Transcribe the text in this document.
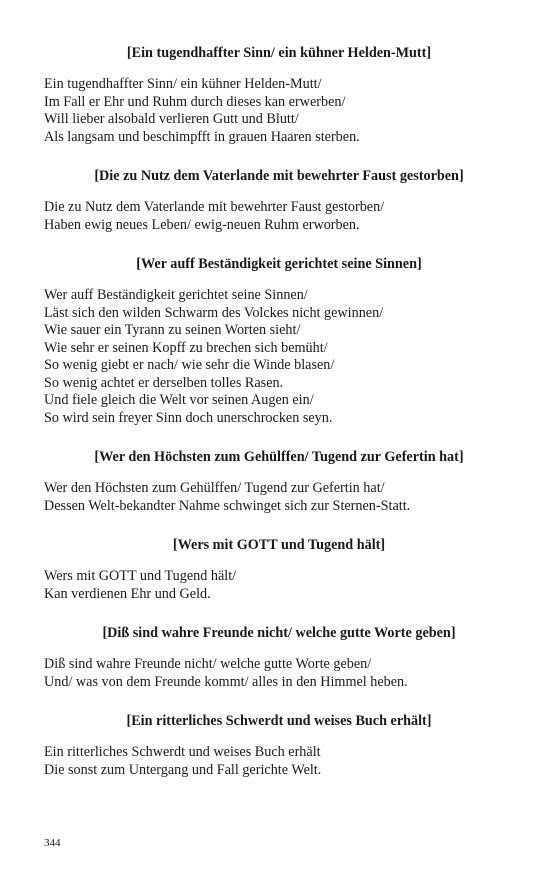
[Ein tugendhaffter Sinn/ ein kühner Helden-Mutt]
Ein tugendhaffter Sinn/ ein kühner Helden-Mutt/
Im Fall er Ehr und Ruhm durch dieses kan erwerben/
Will lieber alsobald verlieren Gutt und Blutt/
Als langsam und beschimpfft in grauen Haaren sterben.
[Die zu Nutz dem Vaterlande mit bewehrter Faust gestorben]
Die zu Nutz dem Vaterlande mit bewehrter Faust gestorben/
Haben ewig neues Leben/ ewig-neuen Ruhm erworben.
[Wer auff Beständigkeit gerichtet seine Sinnen]
Wer auff Beständigkeit gerichtet seine Sinnen/
Läst sich den wilden Schwarm des Volckes nicht gewinnen/
Wie sauer ein Tyrann zu seinen Worten sieht/
Wie sehr er seinen Kopff zu brechen sich bemüht/
So wenig giebt er nach/ wie sehr die Winde blasen/
So wenig achtet er derselben tolles Rasen.
Und fiele gleich die Welt vor seinen Augen ein/
So wird sein freyer Sinn doch unerschrocken seyn.
[Wer den Höchsten zum Gehülffen/ Tugend zur Gefertin hat]
Wer den Höchsten zum Gehülffen/ Tugend zur Gefertin hat/
Dessen Welt-bekandter Nahme schwinget sich zur Sternen-Statt.
[Wers mit GOTT und Tugend hält]
Wers mit GOTT und Tugend hält/
Kan verdienen Ehr und Geld.
[Diß sind wahre Freunde nicht/ welche gutte Worte geben]
Diß sind wahre Freunde nicht/ welche gutte Worte geben/
Und/ was von dem Freunde kommt/ alles in den Himmel heben.
[Ein ritterliches Schwerdt und weises Buch erhält]
Ein ritterliches Schwerdt und weises Buch erhält
Die sonst zum Untergang und Fall gerichte Welt.
344
